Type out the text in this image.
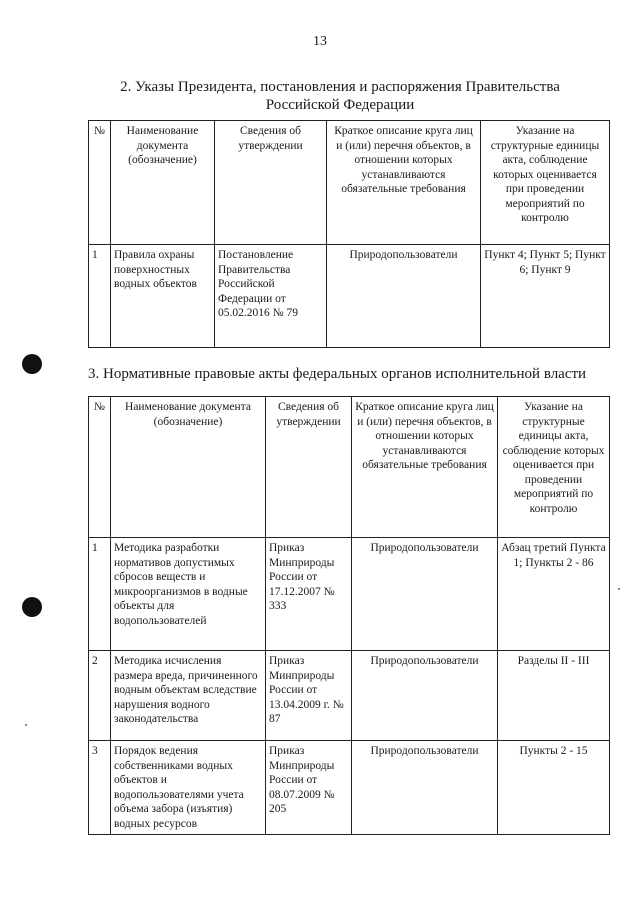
13
2. Указы Президента, постановления и распоряжения Правительства Российской Федерации
№	Наименование документа (обозначение)	Сведения об утверждении	Краткое описание круга лиц и (или) перечня объектов, в отношении которых устанавливаются обязательные требования	Указание на структурные единицы акта, соблюдение которых оценивается при проведении мероприятий по контролю
1	Правила охраны поверхностных водных объектов	Постановление Правительства Российской Федерации от 05.02.2016 № 79	Природопользователи	Пункт 4; Пункт 5; Пункт 6; Пункт 9
3. Нормативные правовые акты федеральных органов исполнительной власти
№	Наименование документа (обозначение)	Сведения об утверждении	Краткое описание круга лиц и (или) перечня объектов, в отношении которых устанавливаются обязательные требования	Указание на структурные единицы акта, соблюдение которых оценивается при проведении мероприятий по контролю
1	Методика разработки нормативов допустимых сбросов веществ и микроорганизмов в водные объекты для водопользователей	Приказ Минприроды России от 17.12.2007 № 333	Природопользователи	Абзац третий Пункта 1; Пункты 2 - 86
2	Методика исчисления размера вреда, причиненного водным объектам вследствие нарушения водного законодательства	Приказ Минприроды России от 13.04.2009 г. № 87	Природопользователи	Разделы II - III
3	Порядок ведения собственниками водных объектов и водопользователями учета объема забора (изъятия) водных ресурсов	Приказ Минприроды России от 08.07.2009 № 205	Природопользователи	Пункты 2 - 15
